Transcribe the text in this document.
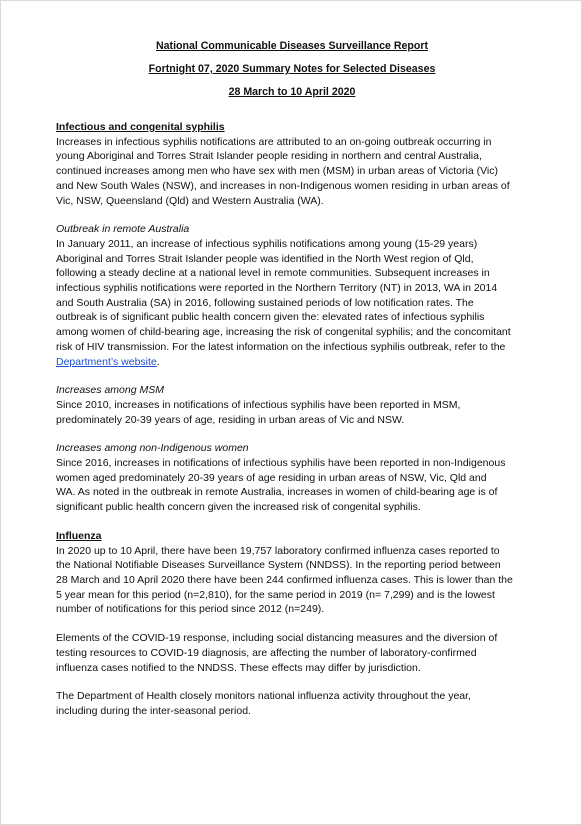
National Communicable Diseases Surveillance Report

Fortnight 07, 2020 Summary Notes for Selected Diseases

28 March to 10 April 2020

Infectious and congenital syphilis

Increases in infectious syphilis notifications are attributed to an on-going outbreak occurring in

young Aboriginal and Torres Strait Islander people residing in northern and central Australia,

continued increases among men who have sex with men (MSM) in urban areas of Victoria (Vic)

and New South Wales (NSW), and increases in non-Indigenous women residing in urban areas of

Vic, NSW, Queensland (Qld) and Western Australia (WA).

Outbreak in remote Australia

In January 2011, an increase of infectious syphilis notifications among young (15-29 years)

Aboriginal and Torres Strait Islander people was identified in the North West region of Qld,

following a steady decline at a national level in remote communities. Subsequent increases in

infectious syphilis notifications were reported in the Northern Territory (NT) in 2013, WA in 2014

and South Australia (SA) in 2016, following sustained periods of low notification rates. The

outbreak is of significant public health concern given the: elevated rates of infectious syphilis

among women of child-bearing age, increasing the risk of congenital syphilis; and the concomitant

risk of HIV transmission. For the latest information on the infectious syphilis outbreak, refer to the

Department’s website.

Increases among MSM

Since 2010, increases in notifications of infectious syphilis have been reported in MSM,

predominately 20-39 years of age, residing in urban areas of Vic and NSW.

Increases among non-Indigenous women

Since 2016, increases in notifications of infectious syphilis have been reported in non-Indigenous

women aged predominately 20-39 years of age residing in urban areas of NSW, Vic, Qld and

WA. As noted in the outbreak in remote Australia, increases in women of child-bearing age is of

significant public health concern given the increased risk of congenital syphilis.

Influenza

In 2020 up to 10 April, there have been 19,757 laboratory confirmed influenza cases reported to

the National Notifiable Diseases Surveillance System (NNDSS). In the reporting period between

28 March and 10 April 2020 there have been 244 confirmed influenza cases. This is lower than the

5 year mean for this period (n=2,810), for the same period in 2019 (n= 7,299) and is the lowest

number of notifications for this period since 2012 (n=249).

Elements of the COVID-19 response, including social distancing measures and the diversion of

testing resources to COVID-19 diagnosis, are affecting the number of laboratory-confirmed

influenza cases notified to the NNDSS. These effects may differ by jurisdiction.

The Department of Health closely monitors national influenza activity throughout the year,

including during the inter-seasonal period.
